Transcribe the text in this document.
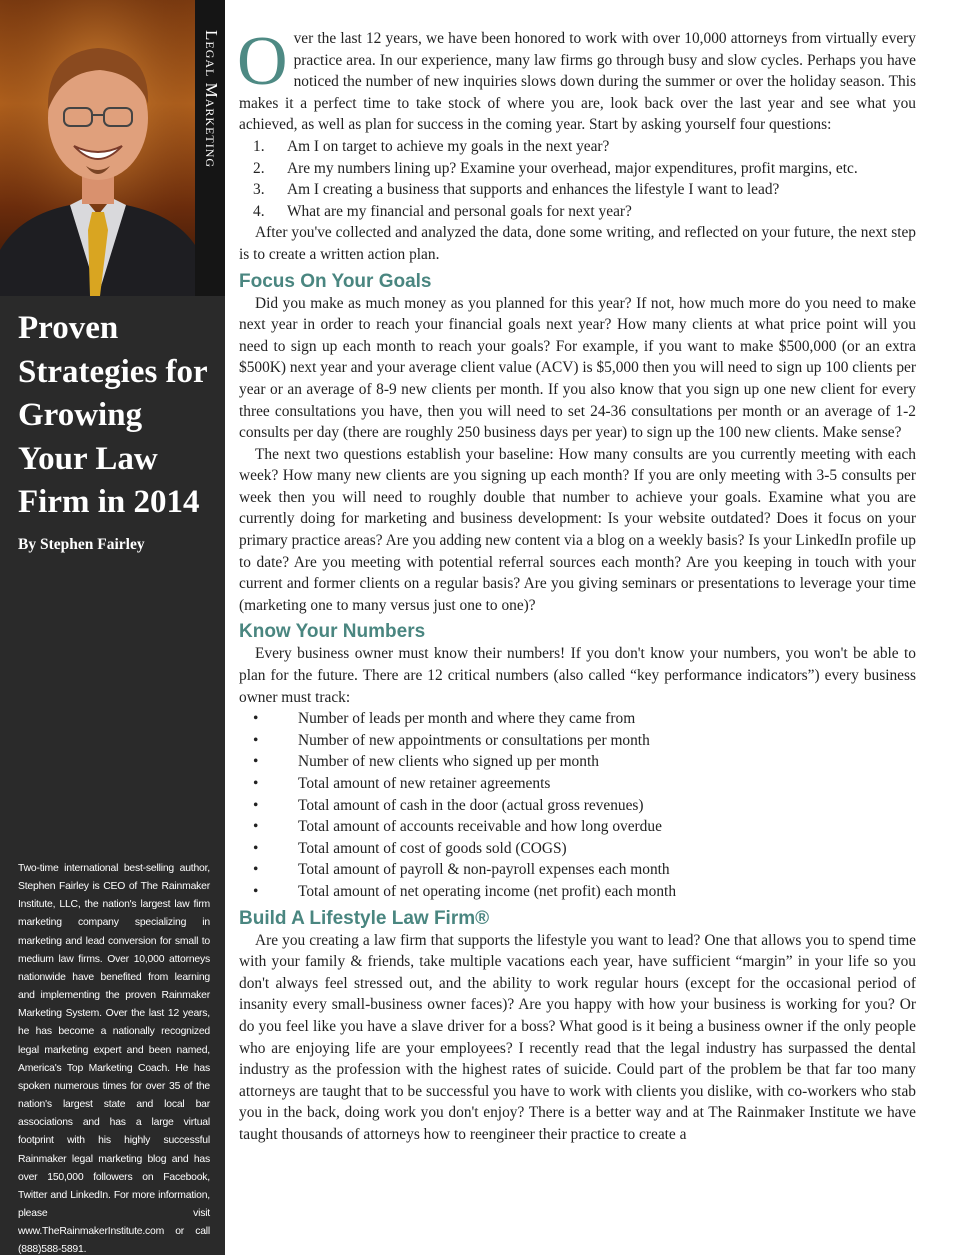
Legal Marketing
Proven Strategies for Growing Your Law Firm in 2014
By Stephen Fairley

Two-time international best-selling author, Stephen Fairley is CEO of The Rainmaker Institute, LLC, the nation's largest law firm marketing company specializing in marketing and lead conversion for small to medium law firms. Over 10,000 attorneys nationwide have benefited from learning and implementing the proven Rainmaker Marketing System. Over the last 12 years, he has become a nationally recognized legal marketing expert and been named, America's Top Marketing Coach. He has spoken numerous times for over 35 of the nation's largest state and local bar associations and has a large virtual footprint with his highly successful Rainmaker legal marketing blog and has over 150,000 followers on Facebook, Twitter and LinkedIn. For more information, please visit www.TheRainmakerInstitute.com or call (888)588-5891.

Over the last 12 years, we have been honored to work with over 10,000 attorneys from virtually every practice area. In our experience, many law firms go through busy and slow cycles. Perhaps you have noticed the number of new inquiries slows down during the summer or over the holiday season. This makes it a perfect time to take stock of where you are, look back over the last year and see what you achieved, as well as plan for success in the coming year. Start by asking yourself four questions:

1. Am I on target to achieve my goals in the next year?
2. Are my numbers lining up? Examine your overhead, major expenditures, profit margins, etc.
3. Am I creating a business that supports and enhances the lifestyle I want to lead?
4. What are my financial and personal goals for next year?

After you've collected and analyzed the data, done some writing, and reflected on your future, the next step is to create a written action plan.

Focus On Your Goals

Did you make as much money as you planned for this year? If not, how much more do you need to make next year in order to reach your financial goals next year? How many clients at what price point will you need to sign up each month to reach your goals? For example, if you want to make $500,000 (or an extra $500K) next year and your average client value (ACV) is $5,000 then you will need to sign up 100 clients per year or an average of 8-9 new clients per month. If you also know that you sign up one new client for every three consultations you have, then you will need to set 24-36 consultations per month or an average of 1-2 consults per day (there are roughly 250 business days per year) to sign up the 100 new clients. Make sense?

The next two questions establish your baseline: How many consults are you currently meeting with each week? How many new clients are you signing up each month? If you are only meeting with 3-5 consults per week then you will need to roughly double that number to achieve your goals. Examine what you are currently doing for marketing and business development: Is your website outdated? Does it focus on your primary practice areas? Are you adding new content via a blog on a weekly basis? Is your LinkedIn profile up to date? Are you meeting with potential referral sources each month? Are you keeping in touch with your current and former clients on a regular basis? Are you giving seminars or presentations to leverage your time (marketing one to many versus just one to one)?

Know Your Numbers

Every business owner must know their numbers! If you don't know your numbers, you won't be able to plan for the future. There are 12 critical numbers (also called “key performance indicators”) every business owner must track:

•	Number of leads per month and where they came from
•	Number of new appointments or consultations per month
•	Number of new clients who signed up per month
•	Total amount of new retainer agreements
•	Total amount of cash in the door (actual gross revenues)
•	Total amount of accounts receivable and how long overdue
•	Total amount of cost of goods sold (COGS)
•	Total amount of payroll & non-payroll expenses each month
•	Total amount of net operating income (net profit) each month
Build A Lifestyle Law Firm®

Are you creating a law firm that supports the lifestyle you want to lead? One that allows you to spend time with your family & friends, take multiple vacations each year, have sufficient “margin” in your life so you don't always feel stressed out, and the ability to work regular hours (except for the occasional period of insanity every small-business owner faces)? Are you happy with how your business is working for you? Or do you feel like you have a slave driver for a boss? What good is it being a business owner if the only people who are enjoying life are your employees? I recently read that the legal industry has surpassed the dental industry as the profession with the highest rates of suicide. Could part of the problem be that far too many attorneys are taught that to be successful you have to work with clients you dislike, with co-workers who stab you in the back, doing work you don't enjoy? There is a better way and at The Rainmaker Institute we have taught thousands of attorneys how to reengineer their practice to create a
